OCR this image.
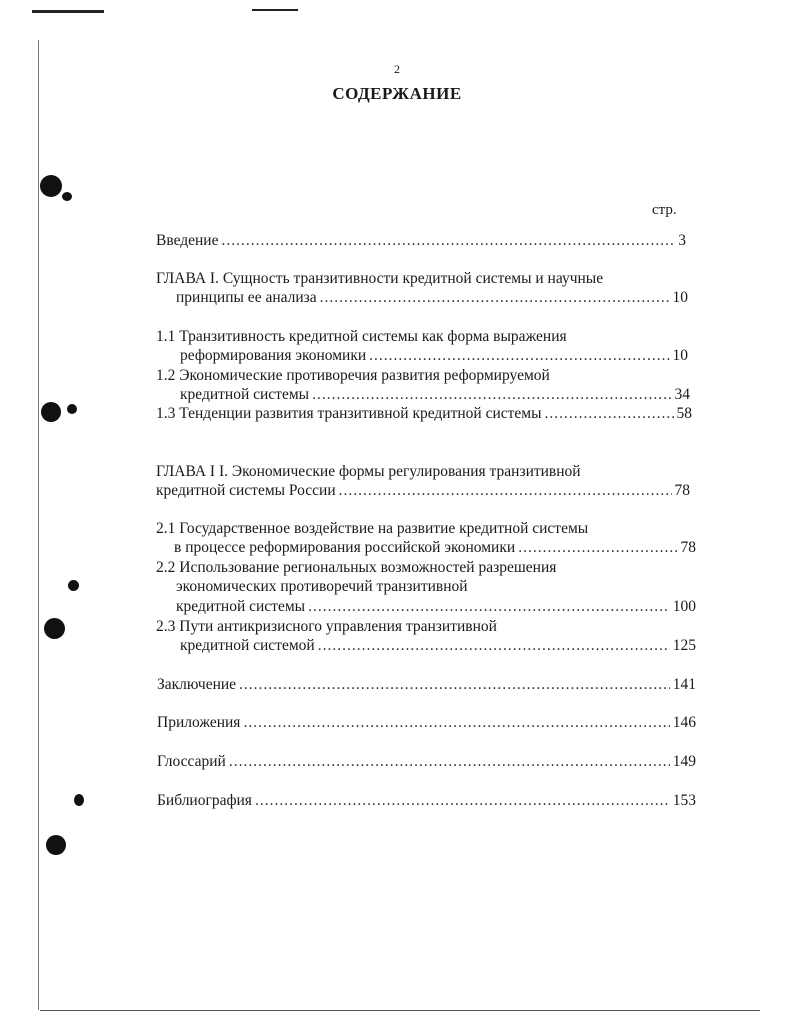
2
СОДЕРЖАНИЕ
стр.
Введение .....	3
ГЛАВА I. Сущность транзитивности кредитной системы и научные
принципы ее анализа .....	10
1.1 Транзитивность кредитной системы как форма выражения
реформирования экономики .....	10
1.2 Экономические противоречия развития реформируемой
кредитной системы .....	34
1.3 Тенденции развития транзитивной кредитной системы .....	58
ГЛАВА I I. Экономические формы регулирования транзитивной
кредитной системы России .....	78
2.1 Государственное воздействие на развитие кредитной системы
в процессе реформирования российской экономики .....	78
2.2 Использование региональных возможностей разрешения
экономических противоречий транзитивной
кредитной системы .....	100
2.3 Пути антикризисного управления транзитивной
кредитной системой .....	125
Заключение .....	141
Приложения .....	146
Глоссарий .....	149
Библиография .....	153
